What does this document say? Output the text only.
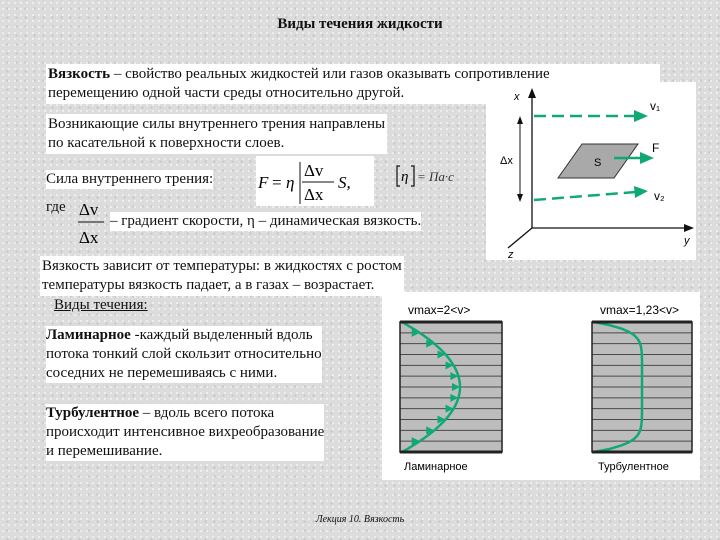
Виды течения жидкости
Вязкость – свойство реальных жидкостей или газов оказывать сопротивление
перемещению одной части среды относительно другой.
Возникающие силы внутреннего трения направлены
по касательной к поверхности слоев.
Сила внутреннего трения:	F = η
Δv
Δx
S,	η = Па·с
где Δv
Δx
– градиент скорости, η – динамическая вязкость.
Вязкость зависит от температуры: в жидкостях с ростом
температуры вязкость падает, а в газах – возрастает.
Виды течения:
Ламинарное -каждый выделенный вдоль
потока тонкий слой скользит относительно
соседних не перемешиваясь с ними.
Турбулентное – вдоль всего потока
происходит интенсивное вихреобразование
и перемешивание.
x
y
z
Δx	S
v₁
F
v₂
vmax=2<v>	vmax=1,23<v>
Ламинарное	Турбулентное
Лекция 10. Вязкость
